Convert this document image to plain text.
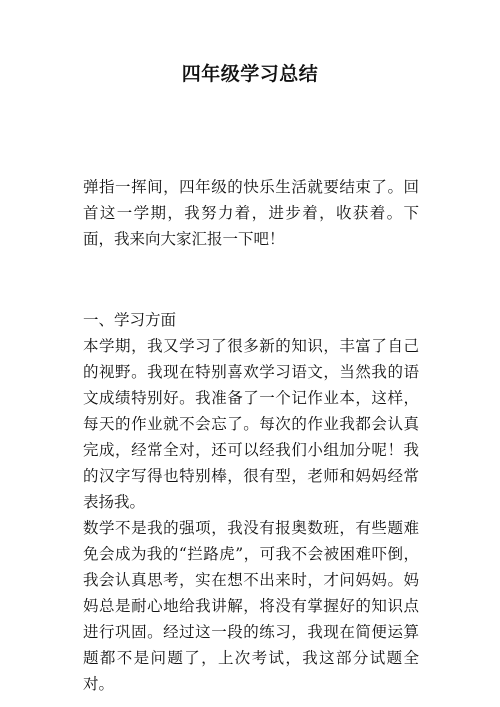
四年级学习总结

弹指一挥间，四年级的快乐生活就要结束了。回首这一学期，我努力着，进步着，收获着。下面，我来向大家汇报一下吧！

一、学习方面

本学期，我又学习了很多新的知识，丰富了自己的视野。我现在特别喜欢学习语文，当然我的语文成绩特别好。我准备了一个记作业本，这样，每天的作业就不会忘了。每次的作业我都会认真完成，经常全对，还可以经我们小组加分呢！我的汉字写得也特别棒，很有型，老师和妈妈经常表扬我。

数学不是我的强项，我没有报奥数班，有些题难免会成为我的“拦路虎”，可我不会被困难吓倒，我会认真思考，实在想不出来时，才问妈妈。妈妈总是耐心地给我讲解，将没有掌握好的知识点进行巩固。经过这一段的练习，我现在简便运算题都不是问题了，上次考试，我这部分试题全对。
